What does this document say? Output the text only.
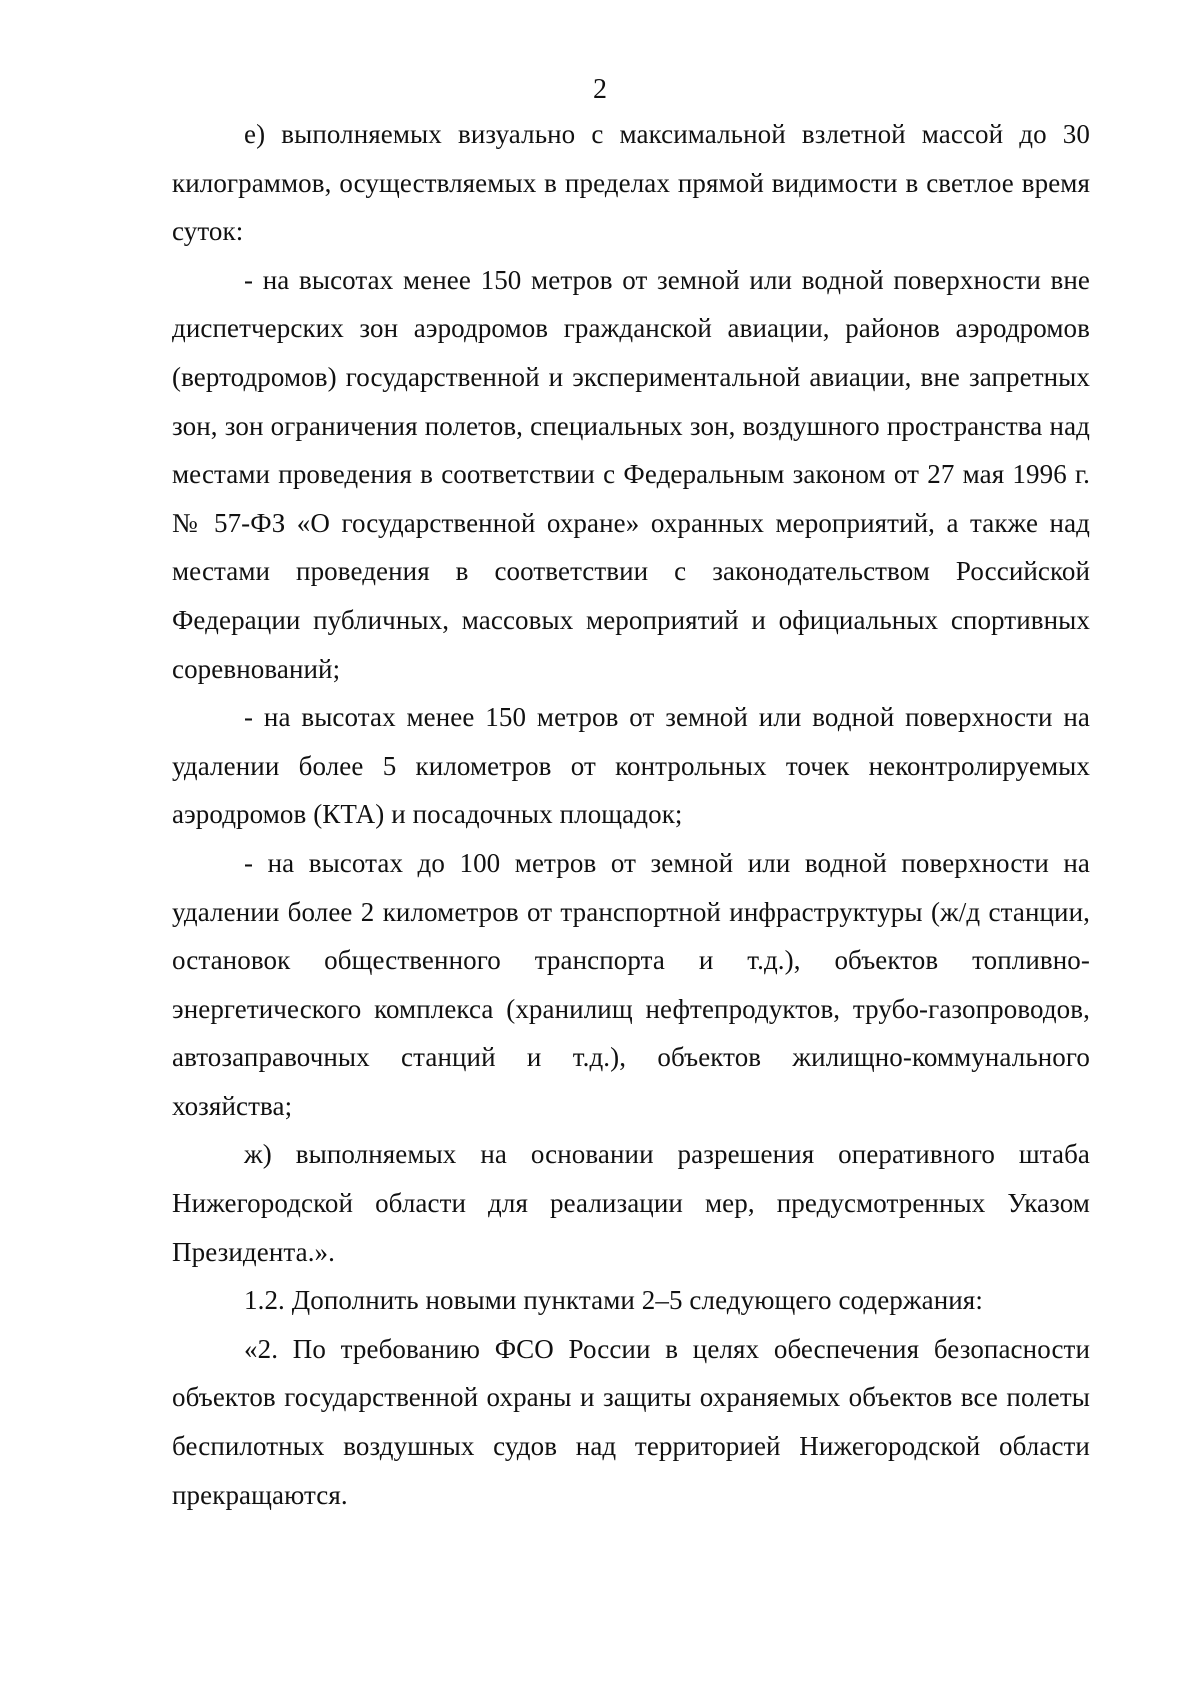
2

е) выполняемых визуально с максимальной взлетной массой до 30 килограммов, осуществляемых в пределах прямой видимости в светлое время суток:

- на высотах менее 150 метров от земной или водной поверхности вне диспетчерских зон аэродромов гражданской авиации, районов аэродромов (вертодромов) государственной и экспериментальной авиации, вне запретных зон, зон ограничения полетов, специальных зон, воздушного пространства над местами проведения в соответствии с Федеральным законом от 27 мая 1996 г. № 57-ФЗ «О государственной охране» охранных мероприятий, а также над местами проведения в соответствии с законодательством Российской Федерации публичных, массовых мероприятий и официальных спортивных соревнований;

- на высотах менее 150 метров от земной или водной поверхности на удалении более 5 километров от контрольных точек неконтролируемых аэродромов (КТА) и посадочных площадок;

- на высотах до 100 метров от земной или водной поверхности на удалении более 2 километров от транспортной инфраструктуры (ж/д станции, остановок общественного транспорта и т.д.), объектов топливно-энергетического комплекса (хранилищ нефтепродуктов, трубо-газопроводов, автозаправочных станций и т.д.), объектов жилищно-коммунального хозяйства;

ж) выполняемых на основании разрешения оперативного штаба Нижегородской области для реализации мер, предусмотренных Указом Президента.».

1.2. Дополнить новыми пунктами 2–5 следующего содержания:

«2. По требованию ФСО России в целях обеспечения безопасности объектов государственной охраны и защиты охраняемых объектов все полеты беспилотных воздушных судов над территорией Нижегородской области прекращаются.
